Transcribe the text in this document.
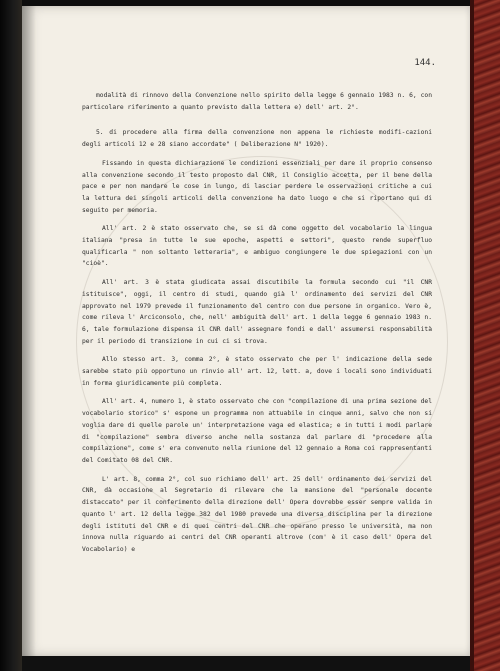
144.

modalità di rinnovo della Convenzione nello spirito della legge 6 gennaio 1983 n. 6, con particolare riferimento a quanto previsto dalla lettera e) dell' art. 2°.

5. di procedere alla firma della convenzione non appena le richieste modifi-cazioni degli articoli 12 e 28 siano accordate" ( Deliberazione N° 1920).

Fissando in questa dichiarazione le condizioni essenziali per dare il proprio consenso alla convenzione secondo il testo proposto dal CNR, il Consiglio accetta, per il bene della pace e per non mandare le cose in lungo, di lasciar perdere le osservazioni critiche a cui la lettura dei singoli articoli della convenzione ha dato luogo e che si riportano qui di seguito per memoria.

All' art. 2 è stato osservato che, se si dà come oggetto del vocabolario la lingua italiana "presa in tutte le sue epoche, aspetti e settori", questo rende superfluo qualificarla " non soltanto letteraria", e ambiguo congiungere le due spiegazioni con un "cioè".

All' art. 3 è stata giudicata assai discutibile la formula secondo cui "il CNR istituisce", oggi, il centro di studi, quando già l' ordinamento dei servizi del CNR approvato nel 1979 prevede il funzionamento del centro con due persone in organico. Vero è, come rileva l' Arciconsolo, che, nell' ambiguità dell' art. 1 della legge 6 gennaio 1983 n. 6, tale formulazione dispensa il CNR dall' assegnare fondi e dall' assumersi responsabilità per il periodo di transizione in cui ci si trova.

Allo stesso art. 3, comma 2°, è stato osservato che per l' indicazione della sede sarebbe stato più opportuno un rinvio all' art. 12, lett. a, dove i locali sono individuati in forma giuridicamente più completa.

All' art. 4, numero 1, è stato osservato che con "compilazione di una prima sezione del vocabolario storico" s' espone un programma non attuabile in cinque anni, salvo che non si voglia dare di quelle parole un' interpretazione vaga ed elastica; e in tutti i modi parlare di "compilazione" sembra diverso anche nella sostanza dal parlare di "procedere alla compilazione", come s' era convenuto nella riunione del 12 gennaio a Roma coi rappresentanti del Comitato 08 del CNR.

L' art. 8, comma 2°, col suo richiamo dell' art. 25 dell' ordinamento dei servizi del CNR, dà occasione al Segretario di rilevare che la mansione del "personale docente distaccato" per il conferimento della direzione dell' Opera dovrebbe esser sempre valida in quanto l' art. 12 della legge 382 del 1980 prevede una diversa disciplina per la direzione degli istituti del CNR e di quei centri del CNR che operano presso le università, ma non innova nulla riguardo ai centri del CNR operanti altrove (com' è il caso dell' Opera del Vocabolario) e
